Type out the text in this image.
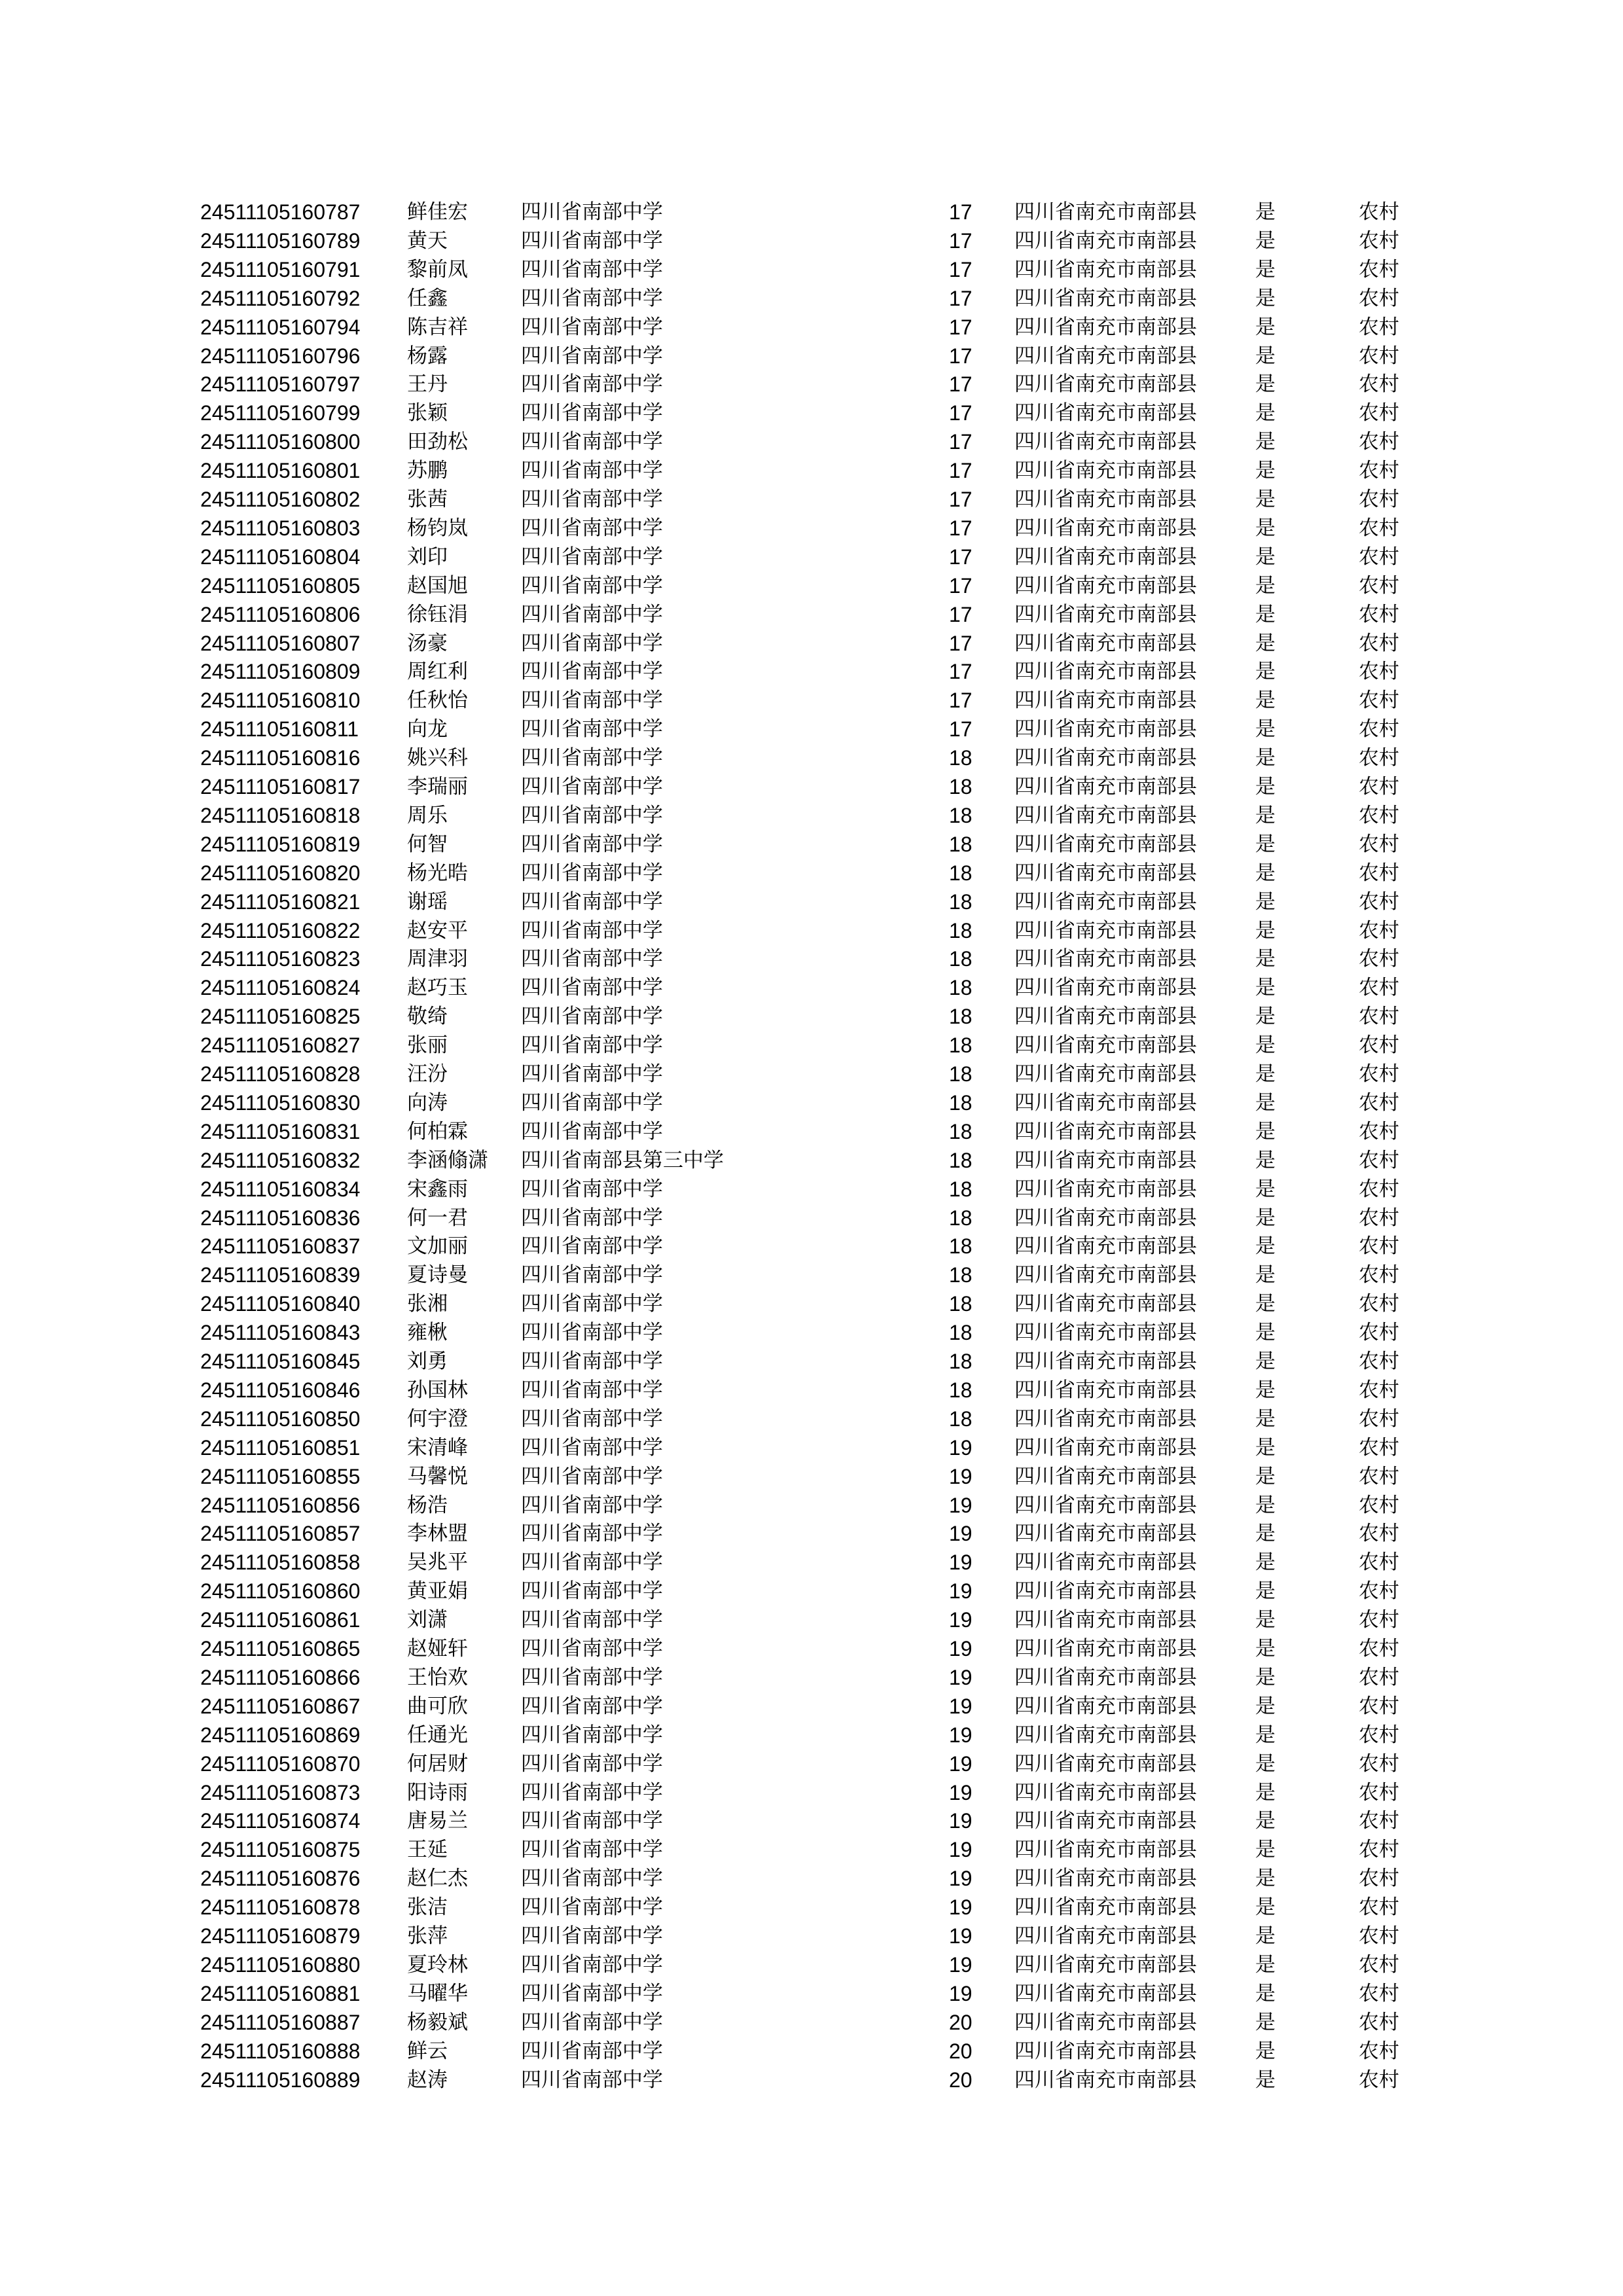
24511105160787 鲜佳宏	四川省南部中学	17 四川省南充市南部县	是	农村
24511105160789 黄天	四川省南部中学	17 四川省南充市南部县	是	农村
24511105160791 黎前凤	四川省南部中学	17 四川省南充市南部县	是	农村
24511105160792 任鑫	四川省南部中学	17 四川省南充市南部县	是	农村
24511105160794 陈吉祥	四川省南部中学	17 四川省南充市南部县	是	农村
24511105160796 杨露	四川省南部中学	17 四川省南充市南部县	是	农村
24511105160797 王丹	四川省南部中学	17 四川省南充市南部县	是	农村
24511105160799 张颖	四川省南部中学	17 四川省南充市南部县	是	农村
24511105160800 田劲松	四川省南部中学	17 四川省南充市南部县	是	农村
24511105160801 苏鹏	四川省南部中学	17 四川省南充市南部县	是	农村
24511105160802 张茜	四川省南部中学	17 四川省南充市南部县	是	农村
24511105160803 杨钧岚	四川省南部中学	17 四川省南充市南部县	是	农村
24511105160804 刘印	四川省南部中学	17 四川省南充市南部县	是	农村
24511105160805 赵国旭	四川省南部中学	17 四川省南充市南部县	是	农村
24511105160806 徐钰涓	四川省南部中学	17 四川省南充市南部县	是	农村
24511105160807 汤豪	四川省南部中学	17 四川省南充市南部县	是	农村
24511105160809 周红利	四川省南部中学	17 四川省南充市南部县	是	农村
24511105160810 任秋怡	四川省南部中学	17 四川省南充市南部县	是	农村
24511105160811 向龙	四川省南部中学	17 四川省南充市南部县	是	农村
24511105160816 姚兴科	四川省南部中学	18 四川省南充市南部县	是	农村
24511105160817 李瑞丽	四川省南部中学	18 四川省南充市南部县	是	农村
24511105160818 周乐	四川省南部中学	18 四川省南充市南部县	是	农村
24511105160819 何智	四川省南部中学	18 四川省南充市南部县	是	农村
24511105160820 杨光晧	四川省南部中学	18 四川省南充市南部县	是	农村
24511105160821 谢瑶	四川省南部中学	18 四川省南充市南部县	是	农村
24511105160822 赵安平	四川省南部中学	18 四川省南充市南部县	是	农村
24511105160823 周津羽	四川省南部中学	18 四川省南充市南部县	是	农村
24511105160824 赵巧玉	四川省南部中学	18 四川省南充市南部县	是	农村
24511105160825 敬绮	四川省南部中学	18 四川省南充市南部县	是	农村
24511105160827 张丽	四川省南部中学	18 四川省南充市南部县	是	农村
24511105160828 汪汾	四川省南部中学	18 四川省南充市南部县	是	农村
24511105160830 向涛	四川省南部中学	18 四川省南充市南部县	是	农村
24511105160831 何柏霖	四川省南部中学	18 四川省南充市南部县	是	农村
24511105160832 李涵翛潇 四川省南部县第三中学	18 四川省南充市南部县	是	农村
24511105160834 宋鑫雨	四川省南部中学	18 四川省南充市南部县	是	农村
24511105160836 何一君	四川省南部中学	18 四川省南充市南部县	是	农村
24511105160837 文加丽	四川省南部中学	18 四川省南充市南部县	是	农村
24511105160839 夏诗曼	四川省南部中学	18 四川省南充市南部县	是	农村
24511105160840 张湘	四川省南部中学	18 四川省南充市南部县	是	农村
24511105160843 雍楸	四川省南部中学	18 四川省南充市南部县	是	农村
24511105160845 刘勇	四川省南部中学	18 四川省南充市南部县	是	农村
24511105160846 孙国林	四川省南部中学	18 四川省南充市南部县	是	农村
24511105160850 何宇澄	四川省南部中学	18 四川省南充市南部县	是	农村
24511105160851 宋清峰	四川省南部中学	19 四川省南充市南部县	是	农村
24511105160855 马馨悦	四川省南部中学	19 四川省南充市南部县	是	农村
24511105160856 杨浩	四川省南部中学	19 四川省南充市南部县	是	农村
24511105160857 李林盟	四川省南部中学	19 四川省南充市南部县	是	农村
24511105160858 吴兆平	四川省南部中学	19 四川省南充市南部县	是	农村
24511105160860 黄亚娟	四川省南部中学	19 四川省南充市南部县	是	农村
24511105160861 刘潇	四川省南部中学	19 四川省南充市南部县	是	农村
24511105160865 赵娅轩	四川省南部中学	19 四川省南充市南部县	是	农村
24511105160866 王怡欢	四川省南部中学	19 四川省南充市南部县	是	农村
24511105160867 曲可欣	四川省南部中学	19 四川省南充市南部县	是	农村
24511105160869 任通光	四川省南部中学	19 四川省南充市南部县	是	农村
24511105160870 何居财	四川省南部中学	19 四川省南充市南部县	是	农村
24511105160873 阳诗雨	四川省南部中学	19 四川省南充市南部县	是	农村
24511105160874 唐易兰	四川省南部中学	19 四川省南充市南部县	是	农村
24511105160875 王延	四川省南部中学	19 四川省南充市南部县	是	农村
24511105160876 赵仁杰	四川省南部中学	19 四川省南充市南部县	是	农村
24511105160878 张洁	四川省南部中学	19 四川省南充市南部县	是	农村
24511105160879 张萍	四川省南部中学	19 四川省南充市南部县	是	农村
24511105160880 夏玲林	四川省南部中学	19 四川省南充市南部县	是	农村
24511105160881 马曜华	四川省南部中学	19 四川省南充市南部县	是	农村
24511105160887 杨毅斌	四川省南部中学	20 四川省南充市南部县	是	农村
24511105160888 鲜云	四川省南部中学	20 四川省南充市南部县	是	农村
24511105160889 赵涛	四川省南部中学	20 四川省南充市南部县	是	农村
